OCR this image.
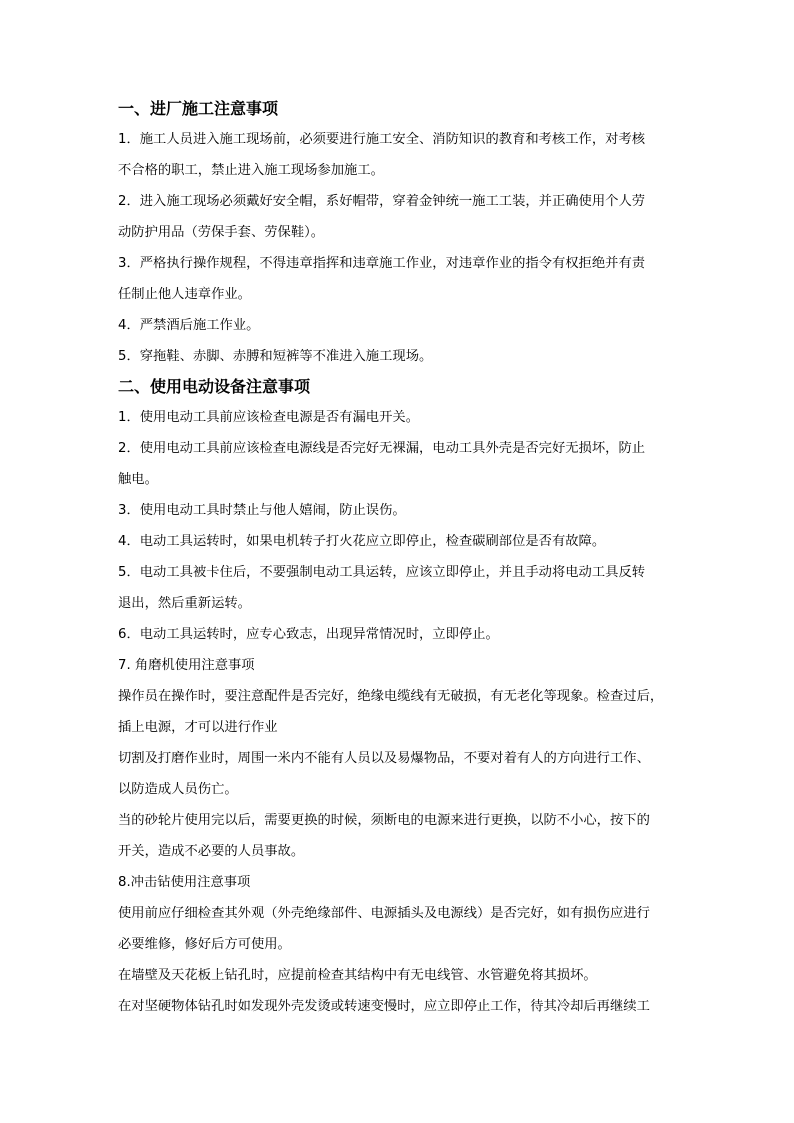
一、进厂施工注意事项
1．施工人员进入施工现场前，必须要进行施工安全、消防知识的教育和考核工作，对考核
不合格的职工，禁止进入施工现场参加施工。
2．进入施工现场必须戴好安全帽，系好帽带，穿着金钟统一施工工装，并正确使用个人劳
动防护用品（劳保手套、劳保鞋）。
3．严格执行操作规程，不得违章指挥和违章施工作业，对违章作业的指令有权拒绝并有责
任制止他人违章作业。
4．严禁酒后施工作业。
5．穿拖鞋、赤脚、赤膊和短裤等不准进入施工现场。
二、使用电动设备注意事项
1．使用电动工具前应该检查电源是否有漏电开关。
2．使用电动工具前应该检查电源线是否完好无裸漏，电动工具外壳是否完好无损坏，防止
触电。
3．使用电动工具时禁止与他人嬉闹，防止误伤。
4．电动工具运转时，如果电机转子打火花应立即停止，检查碳刷部位是否有故障。
5．电动工具被卡住后，不要强制电动工具运转，应该立即停止，并且手动将电动工具反转
退出，然后重新运转。
6．电动工具运转时，应专心致志，出现异常情况时，立即停止。
7. 角磨机使用注意事项
操作员在操作时，要注意配件是否完好，绝缘电缆线有无破损，有无老化等现象。检查过后，
插上电源，才可以进行作业
切割及打磨作业时，周围一米内不能有人员以及易爆物品，不要对着有人的方向进行工作、
以防造成人员伤亡。
当的砂轮片使用完以后，需要更换的时候，须断电的电源来进行更换，以防不小心，按下的
开关，造成不必要的人员事故。
8.冲击钻使用注意事项
使用前应仔细检查其外观（外壳绝缘部件、电源插头及电源线）是否完好，如有损伤应进行
必要维修，修好后方可使用。
在墙壁及天花板上钻孔时，应提前检查其结构中有无电线管、水管避免将其损坏。
在对坚硬物体钻孔时如发现外壳发烫或转速变慢时，应立即停止工作，待其冷却后再继续工
